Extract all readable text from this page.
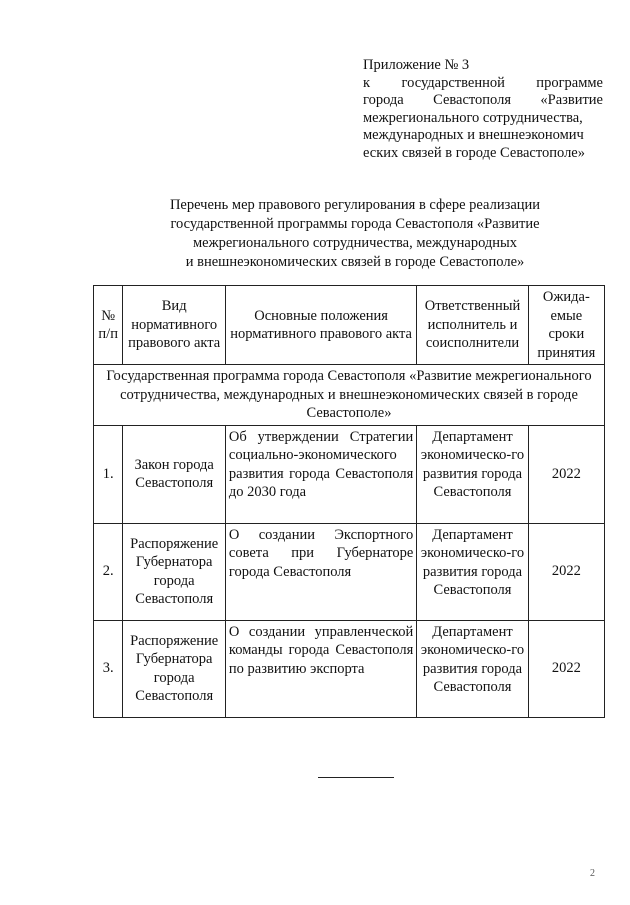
Приложение № 3
к государственной программе
города Севастополя «Развитие
межрегионального сотрудничества,
международных и внешнеэкономич
еских связей в городе Севастополе»
Перечень мер правового регулирования в сфере реализации
государственной программы города Севастополя «Развитие
межрегионального сотрудничества, международных
и внешнеэкономических связей в городе Севастополе»
№ п/п	Вид нормативного правового акта	Основные положения нормативного правового акта	Ответственный исполнитель и соисполнители	Ожида-емые сроки принятия
Государственная программа города Севастополя «Развитие межрегионального сотрудничества, международных и внешнеэкономических связей в городе Севастополе»				
1.	Закон города Севастополя	Об утверждении Стратегии социально-экономического развития города Севастополя до 2030 года	Департамент экономическо-го развития города Севастополя	2022
2.	Распоряжение Губернатора города Севастополя	О создании Экспортного совета при Губернаторе города Севастополя	Департамент экономическо-го развития города Севастополя	2022
3.	Распоряжение Губернатора города Севастополя	О создании управленческой команды города Севастополя по развитию экспорта	Департамент экономическо-го развития города Севастополя	2022
2
